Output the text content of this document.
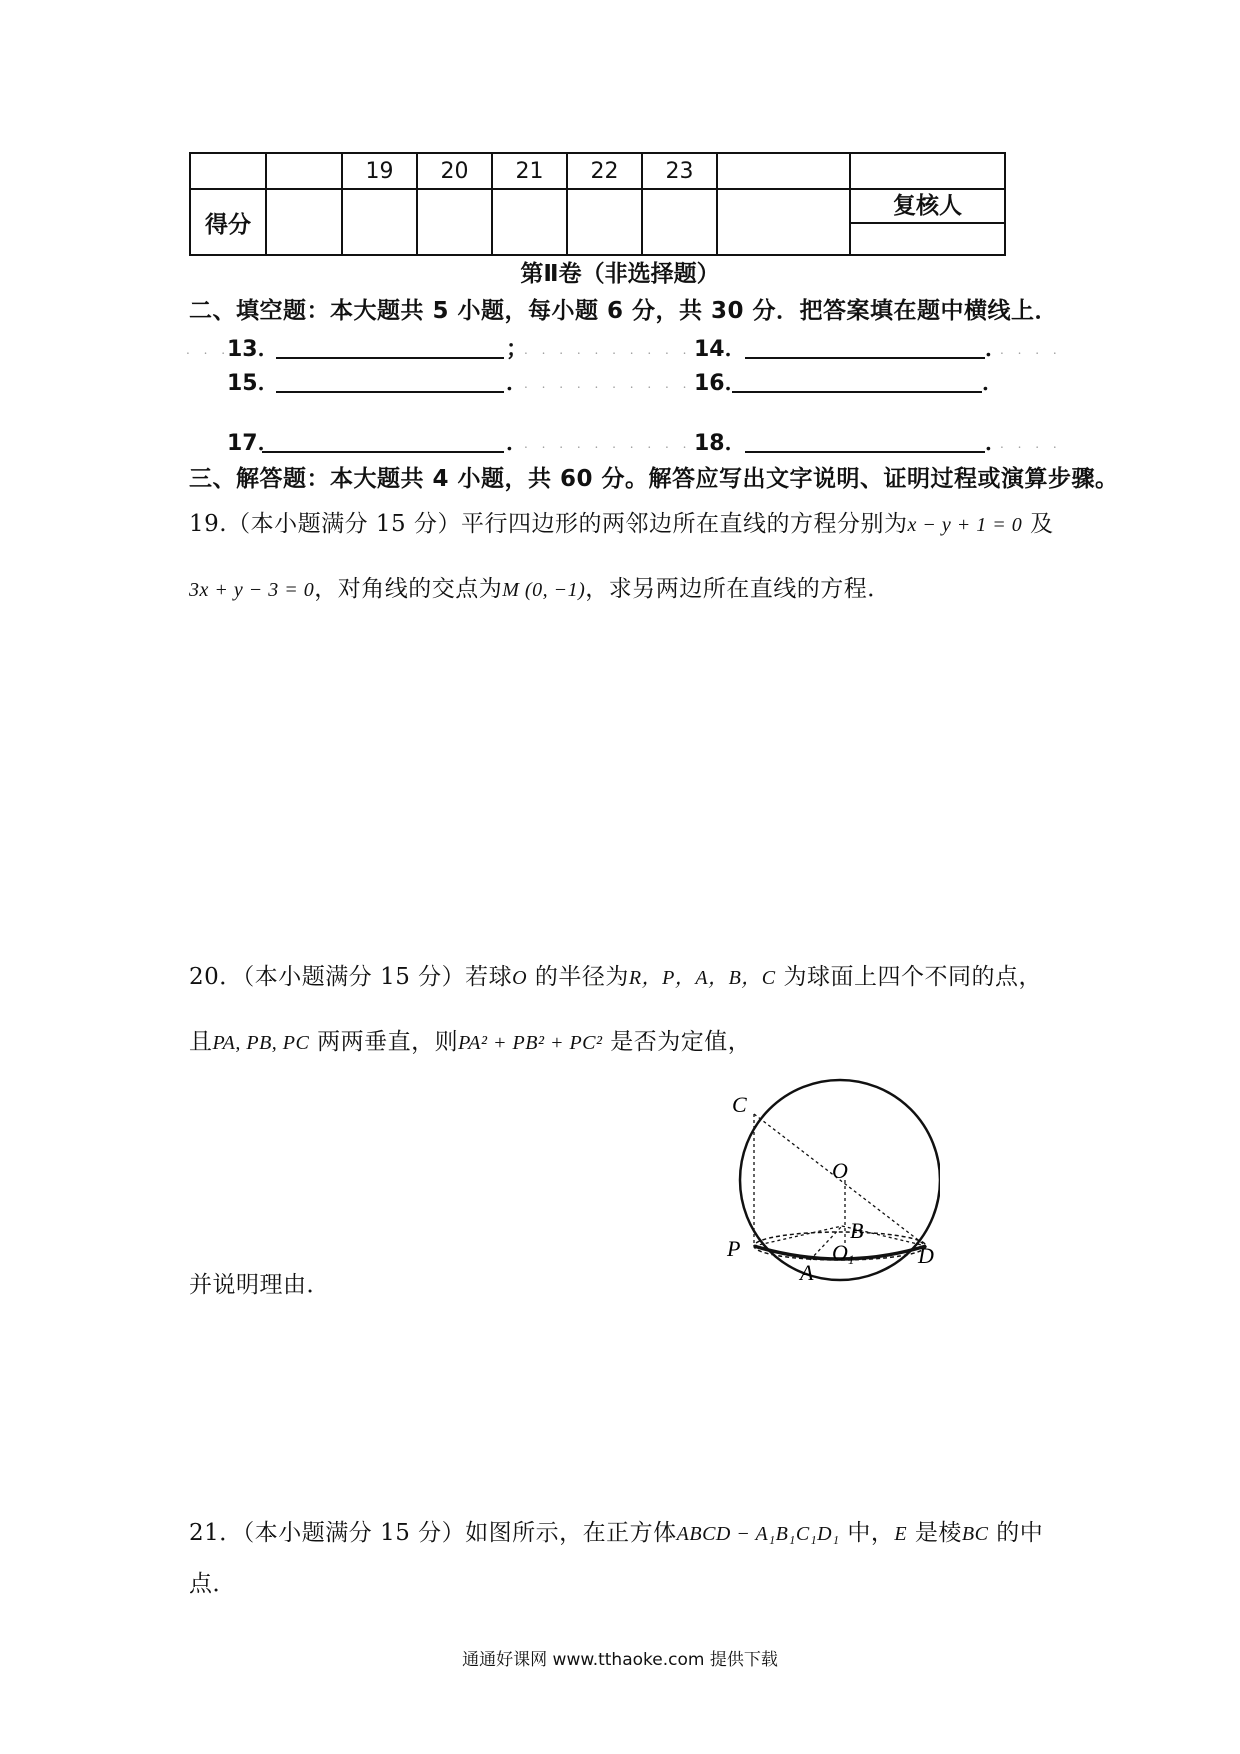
		19	20	21	22	23		
得分								复核人
第Ⅱ卷（非选择题）
二、填空题：本大题共 5 小题，每小题 6 分，共 30 分．把答案填在题中横线上．
. . .
13．	；
. . . . . . . . . . .
14．	．
. . . .
15．	．
. . . . . . . . . . .
16．	．
17．	．
. . . . . . . . . . .
18．	．
. . . .
三、解答题：本大题共 4 小题，共 60 分。解答应写出文字说明、证明过程或演算步骤。
19.（本小题满分 15 分）平行四边形的两邻边所在直线的方程分别为x − y + 1 = 0 及
3x + y − 3 = 0，对角线的交点为M (0, −1)，求另两边所在直线的方程．
20．（本小题满分 15 分）若球O 的半径为R，P，A，B，C 为球面上四个不同的点，
且PA, PB, PC 两两垂直，则PA² + PB² + PC² 是否为定值，
并说明理由．
C
O
B
P	O 1	D
A
21．（本小题满分 15 分）如图所示，在正方体ABCD − A₁B₁C₁D₁ 中，E 是棱BC 的中
点．
通通好课网 www.tthaoke.com 提供下载
